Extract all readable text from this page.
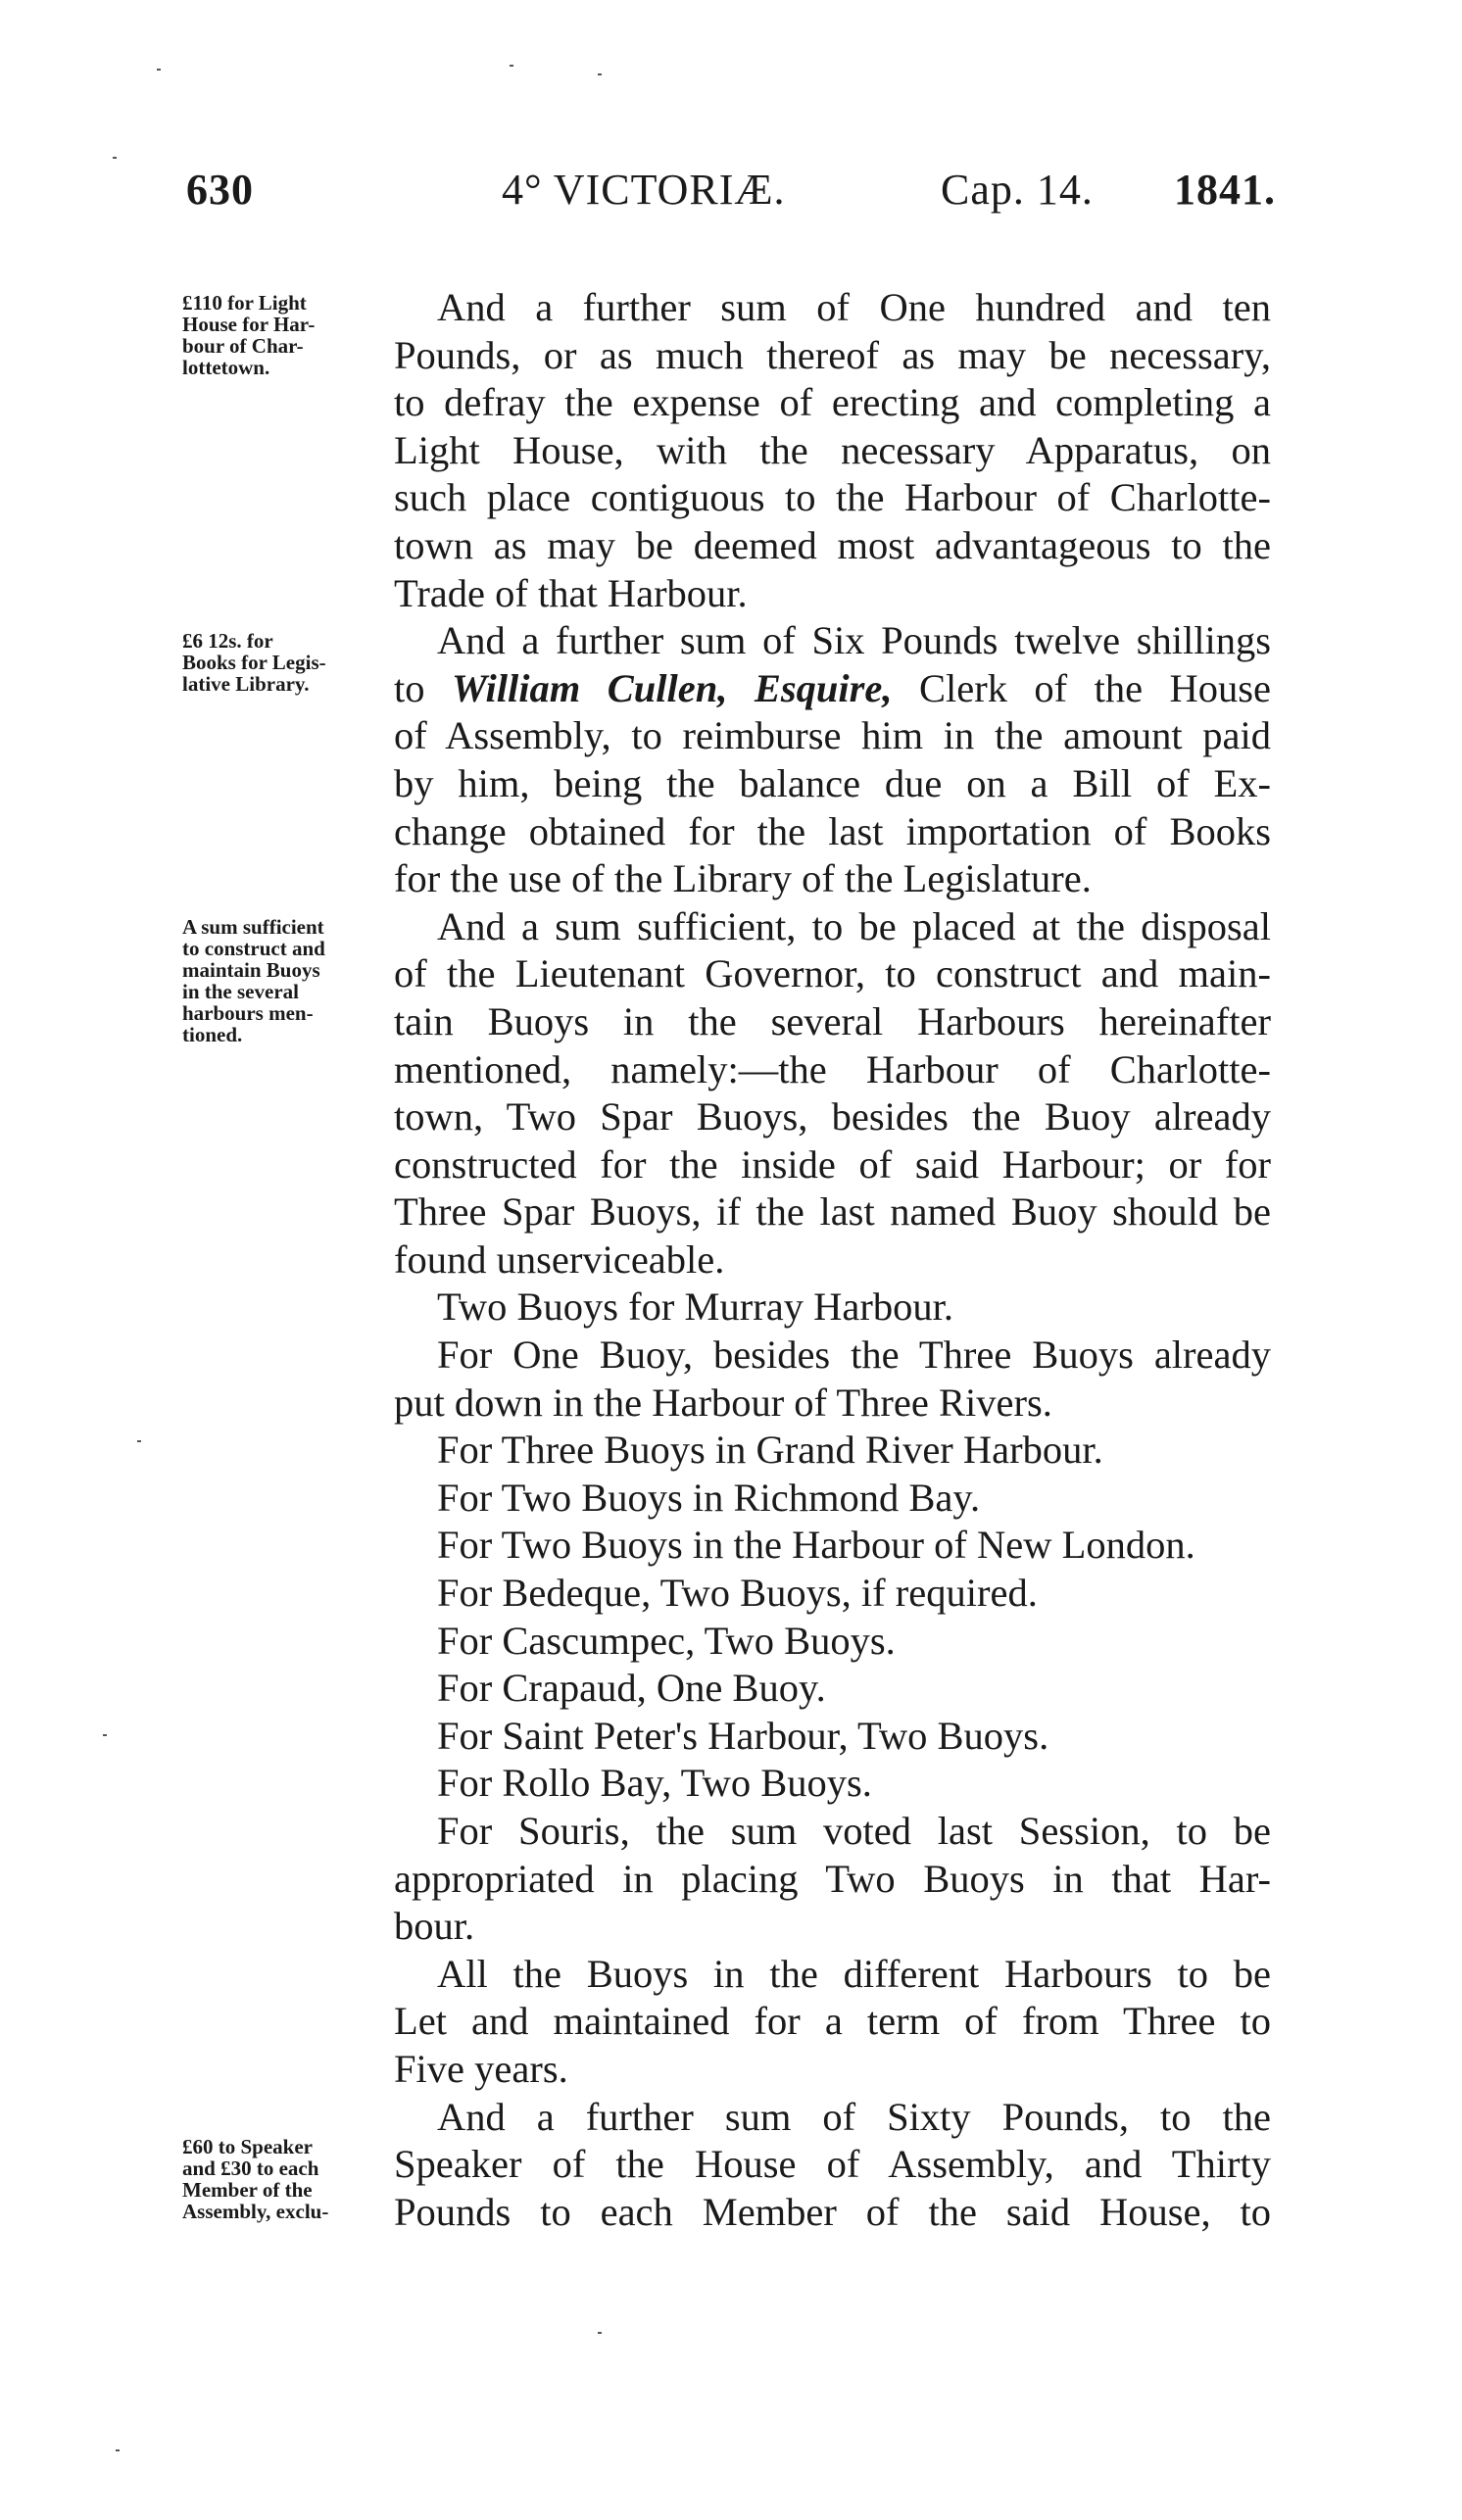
630	4° VICTORIÆ.	Cap. 14. 1841.
£110 for Light
House for Har-
bour of Char-
lottetown.
£6 12s. for
Books for Legis-
lative Library.
A sum sufficient
to construct and
maintain Buoys
in the several
harbours men-
tioned.
£60 to Speaker
and £30 to each
Member of the
Assembly, exclu-
And a further sum of One hundred and ten
Pounds, or as much thereof as may be necessary,
to defray the expense of erecting and completing a
Light House, with the necessary Apparatus, on
such place contiguous to the Harbour of Charlotte-
town as may be deemed most advantageous to the
Trade of that Harbour.
And a further sum of Six Pounds twelve shillings
to William Cullen, Esquire, Clerk of the House
of Assembly, to reimburse him in the amount paid
by him, being the balance due on a Bill of Ex-
change obtained for the last importation of Books
for the use of the Library of the Legislature.
And a sum sufficient, to be placed at the disposal
of the Lieutenant Governor, to construct and main-
tain Buoys in the several Harbours hereinafter
mentioned, namely:—the Harbour of Charlotte-
town, Two Spar Buoys, besides the Buoy already
constructed for the inside of said Harbour; or for
Three Spar Buoys, if the last named Buoy should be
found unserviceable.
Two Buoys for Murray Harbour.
For One Buoy, besides the Three Buoys already
put down in the Harbour of Three Rivers.
For Three Buoys in Grand River Harbour.
For Two Buoys in Richmond Bay.
For Two Buoys in the Harbour of New London.
For Bedeque, Two Buoys, if required.
For Cascumpec, Two Buoys.
For Crapaud, One Buoy.
For Saint Peter's Harbour, Two Buoys.
For Rollo Bay, Two Buoys.
For Souris, the sum voted last Session, to be
appropriated in placing Two Buoys in that Har-
bour.
All the Buoys in the different Harbours to be
Let and maintained for a term of from Three to
Five years.
And a further sum of Sixty Pounds, to the
Speaker of the House of Assembly, and Thirty
Pounds to each Member of the said House, to
